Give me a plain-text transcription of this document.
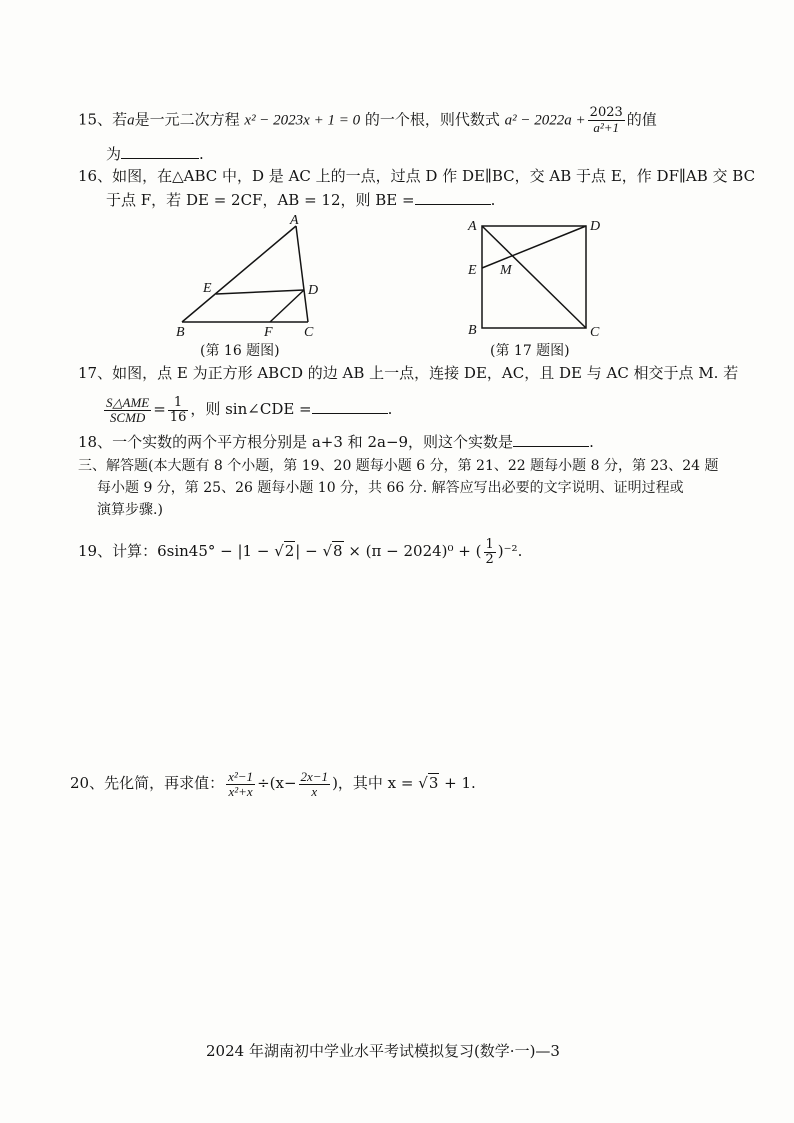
15、若a是一元二次方程 x² − 2023x + 1 = 0 的一个根，则代数式 $a^2 - 2022a + \frac{2023}{\text{a²+1}}$ 的值
为	.
16、如图，在△ABC 中，D 是 AC 上的一点，过点 D 作 DE∥BC，交 AB 于点 E，作 DF∥AB 交 BC
于点 F，若 DE = 2CF，AB = 12，则 BE =	.
A
E	D
B	F C
(第 16 题图)
A	D
E M
B	C
(第 17 题图)
17、如图，点 E 为正方形 ABCD 的边 AB 上一点，连接 DE，AC，且 DE 与 AC 相交于点 M. 若
$\frac{\text{S△AME}}{\text{SCMD}} = \frac{1}{16}$ ，则 sin∠CDE =	.
18、一个实数的两个平方根分别是 a+3 和 2a−9，则这个实数是	.
三、解答题(本大题有 8 个小题，第 19、20 题每小题 6 分，第 21、22 题每小题 8 分，第 23、24 题
每小题 9 分，第 25、26 题每小题 10 分，共 66 分. 解答应写出必要的文字说明、证明过程或
演算步骤.)
19、计算：6sin45° − |1 − √2| − √8 × (π − 2024)⁰ + ( $\frac{1}{2} )^{-2}$.
20、先化简，再求值： $\frac{\text{x²−1}}{\text{x²+x}} \div(x- \frac{2x-1}{x}$ )，其中 x = √3 + 1.
2024 年湖南初中学业水平考试模拟复习(数学·一)—3
